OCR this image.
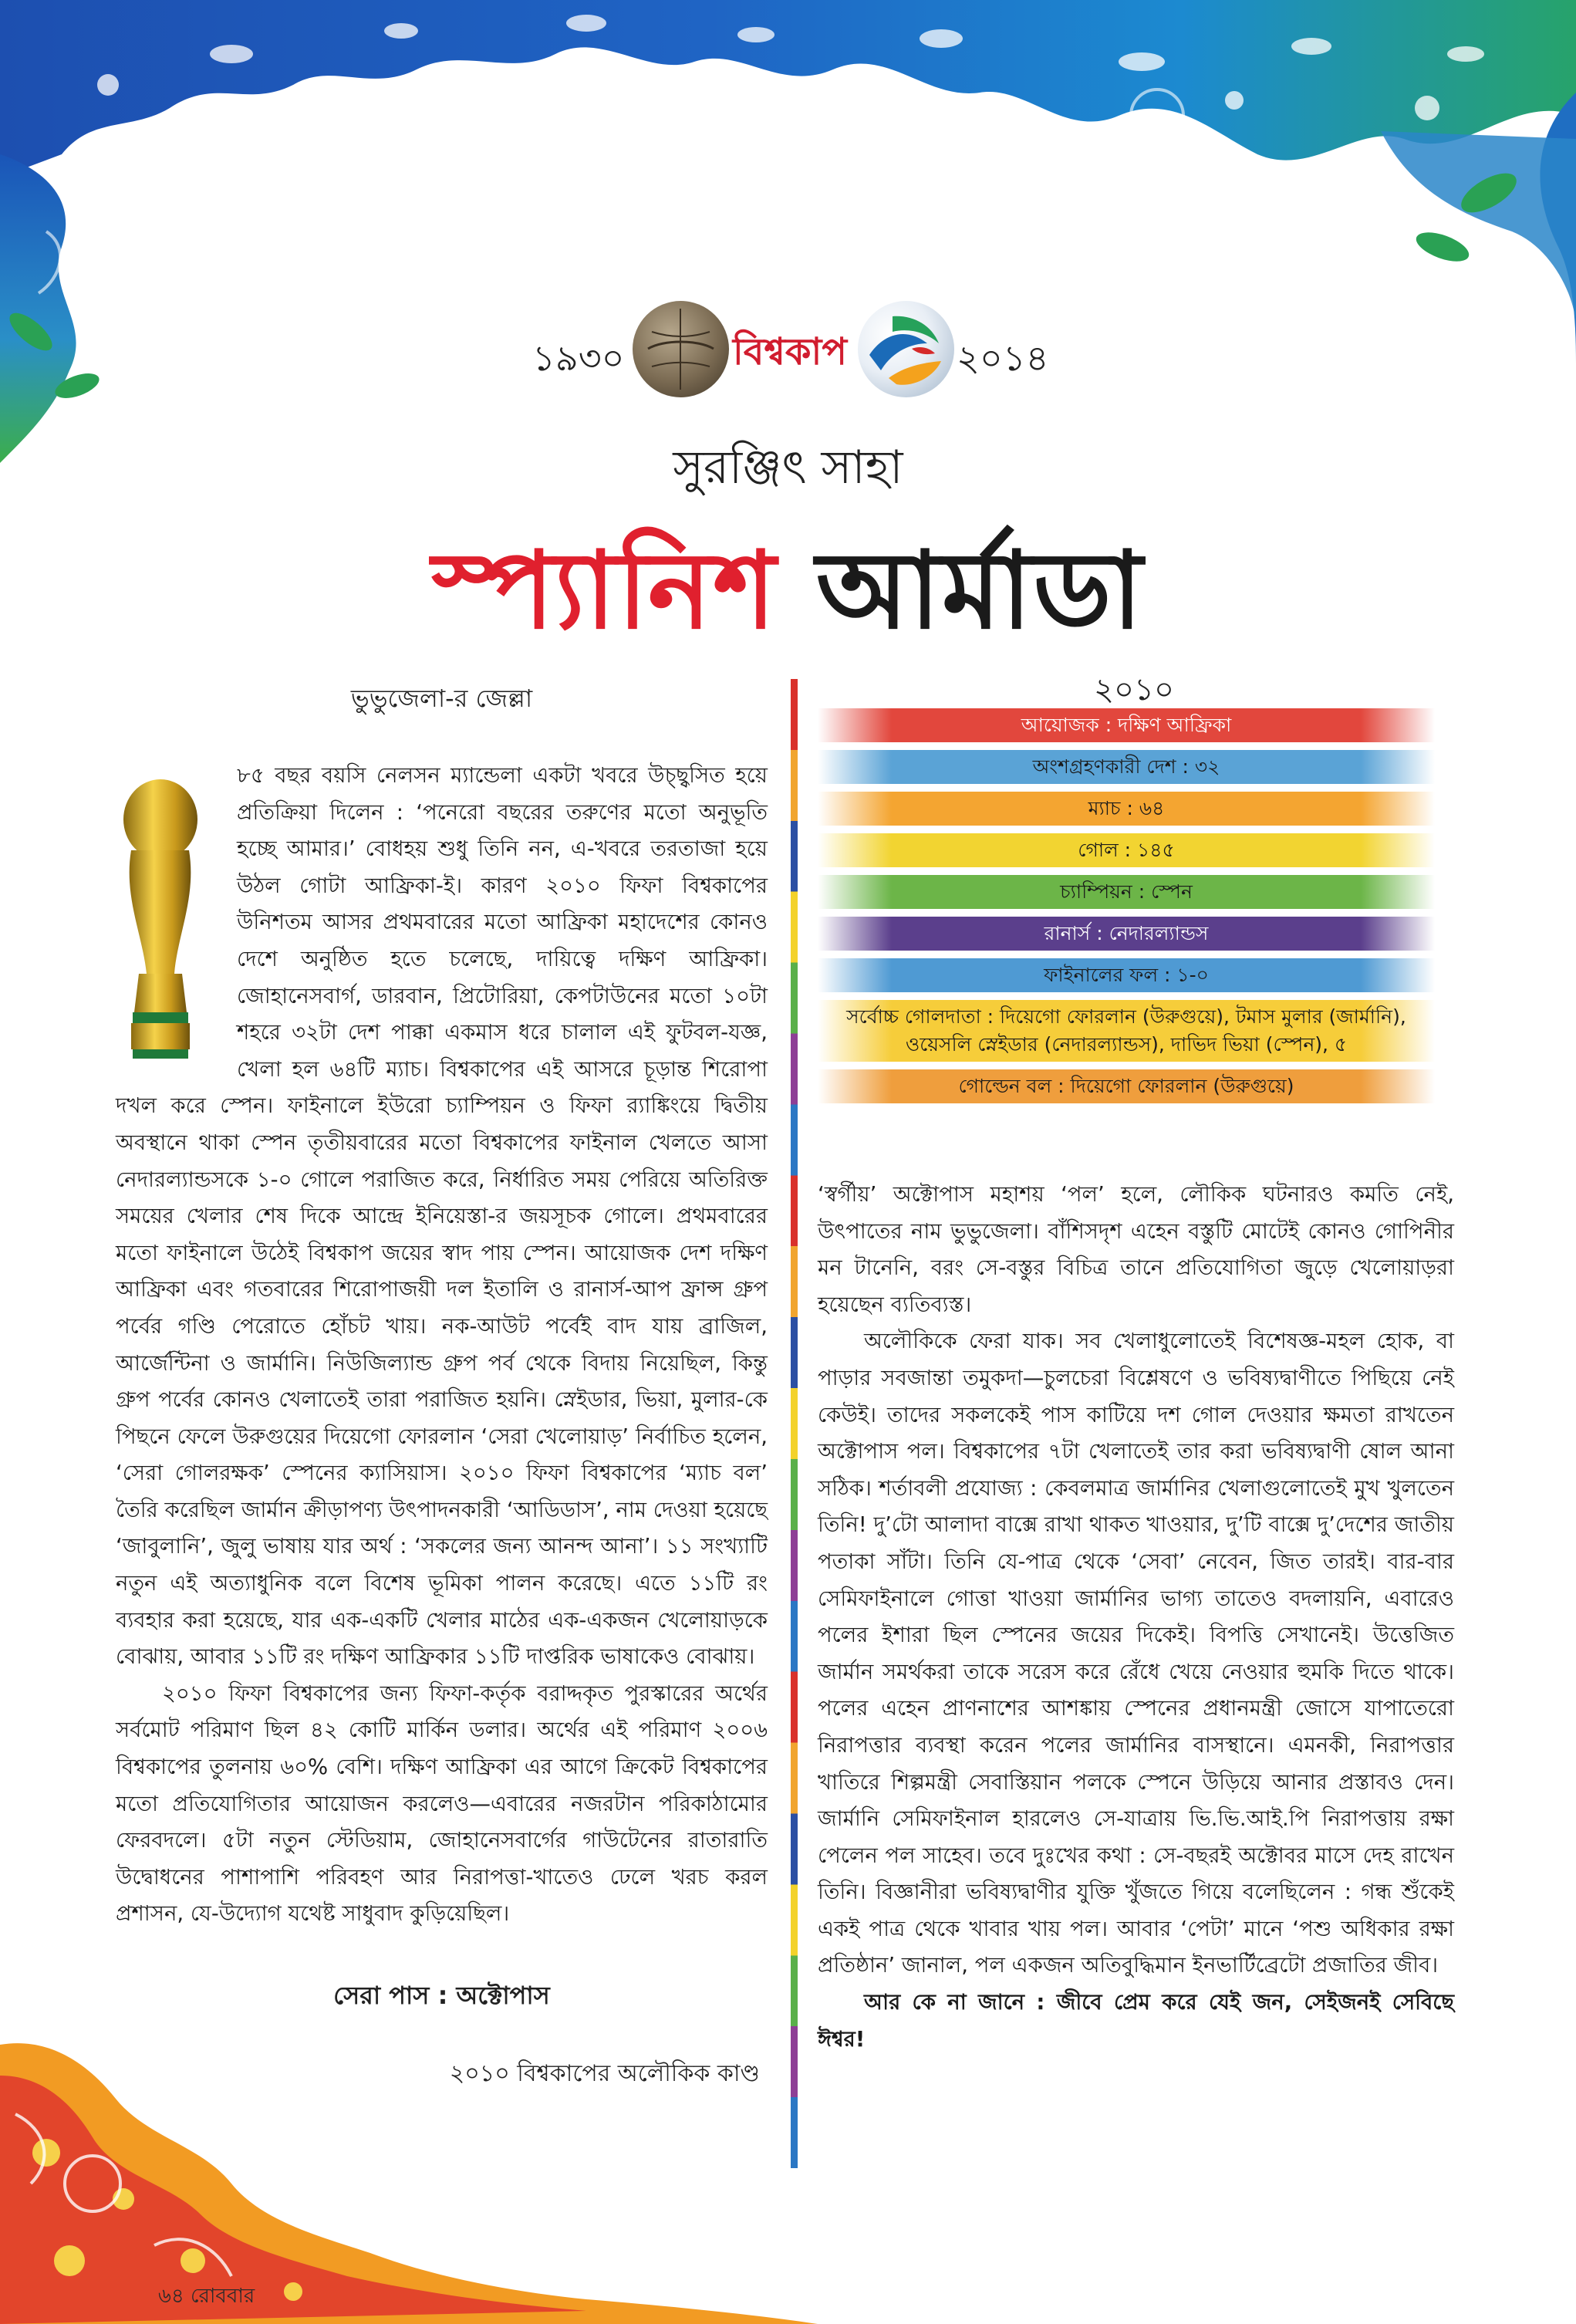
১৯৩০	বিশ্বকাপ	২০১৪
সুরঞ্জিৎ সাহা
স্প্যানিশ আর্মাডা
ভুভুজেলা-র জেল্লা

৮৫ বছর বয়সি নেলসন ম্যান্ডেলা একটা খবরে উচ্ছ্বসিত হয়ে প্রতিক্রিয়া দিলেন : ‘পনেরো বছরের তরুণের মতো অনুভূতি হচ্ছে আমার।’ বোধহয় শুধু তিনি নন, এ-খবরে তরতাজা হয়ে উঠল গোটা আফ্রিকা-ই। কারণ ২০১০ ফিফা বিশ্বকাপের উনিশতম আসর প্রথমবারের মতো আফ্রিকা মহাদেশের কোনও দেশে অনুষ্ঠিত হতে চলেছে, দায়িত্বে দক্ষিণ আফ্রিকা। জোহানেসবার্গ, ডারবান, প্রিটোরিয়া, কেপটাউনের মতো ১০টা শহরে ৩২টা দেশ পাক্কা একমাস ধরে চালাল এই ফুটবল-যজ্ঞ, খেলা হল ৬৪টি ম্যাচ। বিশ্বকাপের এই আসরে চূড়ান্ত শিরোপা দখল করে স্পেন। ফাইনালে ইউরো চ্যাম্পিয়ন ও ফিফা র‍্যাঙ্কিংয়ে দ্বিতীয় অবস্থানে থাকা স্পেন তৃতীয়বারের মতো বিশ্বকাপের ফাইনাল খেলতে আসা নেদারল্যান্ডসকে ১-০ গোলে পরাজিত করে, নির্ধারিত সময় পেরিয়ে অতিরিক্ত সময়ের খেলার শেষ দিকে আন্দ্রে ইনিয়েস্তা-র জয়সূচক গোলে। প্রথমবারের মতো ফাইনালে উঠেই বিশ্বকাপ জয়ের স্বাদ পায় স্পেন। আয়োজক দেশ দক্ষিণ আফ্রিকা এবং গতবারের শিরোপাজয়ী দল ইতালি ও রানার্স-আপ ফ্রান্স গ্রুপ পর্বের গণ্ডি পেরোতে হোঁচট খায়। নক-আউট পর্বেই বাদ যায় ব্রাজিল, আর্জেন্টিনা ও জার্মানি। নিউজিল্যান্ড গ্রুপ পর্ব থেকে বিদায় নিয়েছিল, কিন্তু গ্রুপ পর্বের কোনও খেলাতেই তারা পরাজিত হয়নি। স্নেইডার, ভিয়া, মুলার-কে পিছনে ফেলে উরুগুয়ের দিয়েগো ফোরলান ‘সেরা খেলোয়াড়’ নির্বাচিত হলেন, ‘সেরা গোলরক্ষক’ স্পেনের ক্যাসিয়াস। ২০১০ ফিফা বিশ্বকাপের ‘ম্যাচ বল’ তৈরি করেছিল জার্মান ক্রীড়াপণ্য উৎপাদনকারী ‘আডিডাস’, নাম দেওয়া হয়েছে ‘জাবুলানি’, জুলু ভাষায় যার অর্থ : ‘সকলের জন্য আনন্দ আনা’। ১১ সংখ্যাটি নতুন এই অত্যাধুনিক বলে বিশেষ ভূমিকা পালন করেছে। এতে ১১টি রং ব্যবহার করা হয়েছে, যার এক-একটি খেলার মাঠের এক-একজন খেলোয়াড়কে বোঝায়, আবার ১১টি রং দক্ষিণ আফ্রিকার ১১টি দাপ্তরিক ভাষাকেও বোঝায়।

২০১০ ফিফা বিশ্বকাপের জন্য ফিফা-কর্তৃক বরাদ্দকৃত পুরস্কারের অর্থের সর্বমোট পরিমাণ ছিল ৪২ কোটি মার্কিন ডলার। অর্থের এই পরিমাণ ২০০৬ বিশ্বকাপের তুলনায় ৬০% বেশি। দক্ষিণ আফ্রিকা এর আগে ক্রিকেট বিশ্বকাপের মতো প্রতিযোগিতার আয়োজন করলেও—এবারের নজরটান পরিকাঠামোর ফেরবদলে। ৫টা নতুন স্টেডিয়াম, জোহানেসবার্গের গাউটেনের রাতারাতি উদ্বোধনের পাশাপাশি পরিবহণ আর নিরাপত্তা-খাতেও ঢেলে খরচ করল প্রশাসন, যে-উদ্যোগ যথেষ্ট সাধুবাদ কুড়িয়েছিল।

সেরা পাস : অক্টোপাস
২০১০ বিশ্বকাপের অলৌকিক কাণ্ড
২০১০
আয়োজক : দক্ষিণ আফ্রিকা
অংশগ্রহণকারী দেশ : ৩২
ম্যাচ : ৬৪
গোল : ১৪৫
চ্যাম্পিয়ন : স্পেন
রানার্স : নেদারল্যান্ডস
ফাইনালের ফল : ১-০
সর্বোচ্চ গোলদাতা : দিয়েগো ফোরলান (উরুগুয়ে), টমাস মুলার (জার্মানি), ওয়েসলি স্নেইডার (নেদারল্যান্ডস), দাভিদ ভিয়া (স্পেন), ৫
গোল্ডেন বল : দিয়েগো ফোরলান (উরুগুয়ে)

‘স্বর্গীয়’ অক্টোপাস মহাশয় ‘পল’ হলে, লৌকিক ঘটনারও কমতি নেই, উৎপাতের নাম ভুভুজেলা। বাঁশিসদৃশ এহেন বস্তুটি মোটেই কোনও গোপিনীর মন টানেনি, বরং সে-বস্তুর বিচিত্র তানে প্রতিযোগিতা জুড়ে খেলোয়াড়রা হয়েছেন ব্যতিব্যস্ত।

অলৌকিকে ফেরা যাক। সব খেলাধুলোতেই বিশেষজ্ঞ-মহল হোক, বা পাড়ার সবজান্তা তমুকদা—চুলচেরা বিশ্লেষণে ও ভবিষ্যদ্বাণীতে পিছিয়ে নেই কেউই। তাদের সকলকেই পাস কাটিয়ে দশ গোল দেওয়ার ক্ষমতা রাখতেন অক্টোপাস পল। বিশ্বকাপের ৭টা খেলাতেই তার করা ভবিষ্যদ্বাণী ষোল আনা সঠিক। শর্তাবলী প্রযোজ্য : কেবলমাত্র জার্মানির খেলাগুলোতেই মুখ খুলতেন তিনি! দু’টো আলাদা বাক্সে রাখা থাকত খাওয়ার, দু’টি বাক্সে দু’দেশের জাতীয় পতাকা সাঁটা। তিনি যে-পাত্র থেকে ‘সেবা’ নেবেন, জিত তারই। বার-বার সেমিফাইনালে গোত্তা খাওয়া জার্মানির ভাগ্য তাতেও বদলায়নি, এবারেও পলের ইশারা ছিল স্পেনের জয়ের দিকেই। বিপত্তি সেখানেই। উত্তেজিত জার্মান সমর্থকরা তাকে সরেস করে রেঁধে খেয়ে নেওয়ার হুমকি দিতে থাকে। পলের এহেন প্রাণনাশের আশঙ্কায় স্পেনের প্রধানমন্ত্রী জোসে যাপাতেরো নিরাপত্তার ব্যবস্থা করেন পলের জার্মানির বাসস্থানে। এমনকী, নিরাপত্তার খাতিরে শিল্পমন্ত্রী সেবাস্তিয়ান পলকে স্পেনে উড়িয়ে আনার প্রস্তাবও দেন। জার্মানি সেমিফাইনাল হারলেও সে-যাত্রায় ভি.ভি.আই.পি নিরাপত্তায় রক্ষা পেলেন পল সাহেব। তবে দুঃখের কথা : সে-বছরই অক্টোবর মাসে দেহ রাখেন তিনি। বিজ্ঞানীরা ভবিষ্যদ্বাণীর যুক্তি খুঁজতে গিয়ে বলেছিলেন : গন্ধ শুঁকেই একই পাত্র থেকে খাবার খায় পল। আবার ‘পেটা’ মানে ‘পশু অধিকার রক্ষা প্রতিষ্ঠান’ জানাল, পল একজন অতিবুদ্ধিমান ইনভার্টিব্রেটো প্রজাতির জীব।

আর কে না জানে : জীবে প্রেম করে যেই জন, সেইজনই সেবিছে ঈশ্বর!

৬৪ রোববার
